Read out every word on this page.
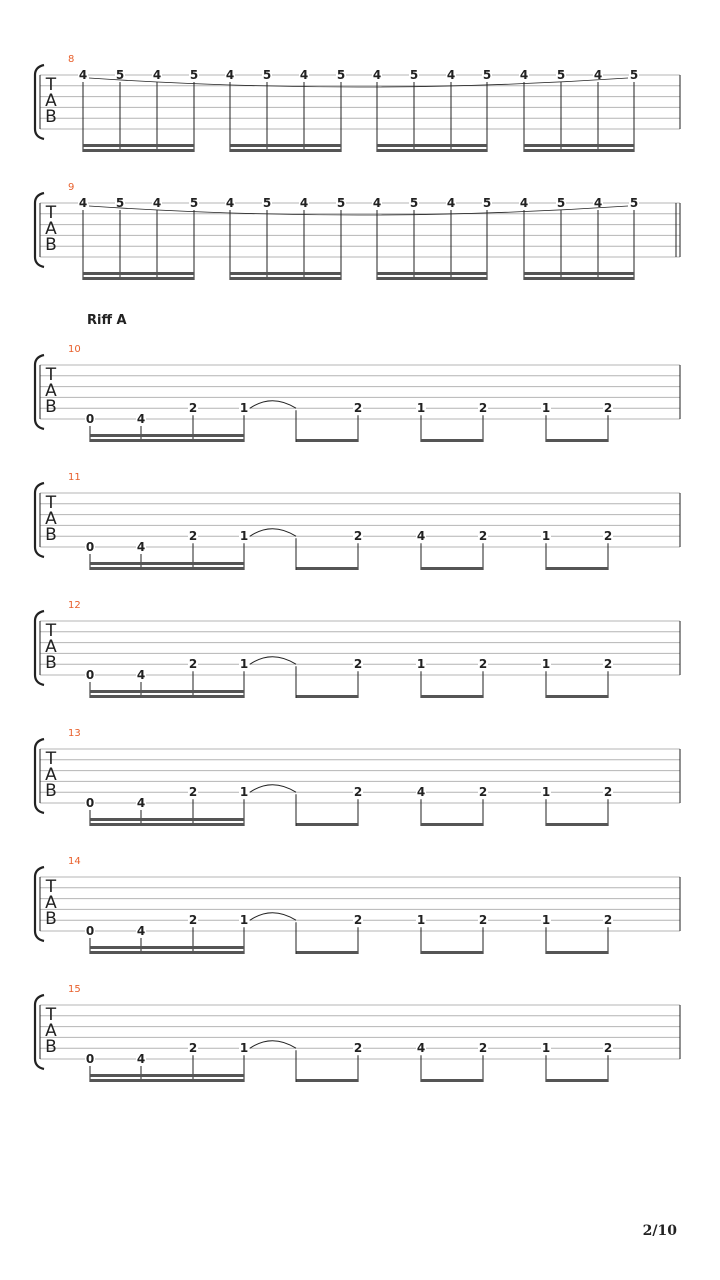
Riff A
2/10
T
A
B
8
4 5 4 5 4 5 4 5 4 5 4 5 4 5 4 5
T
A
B
9
4 5 4 5 4 5 4 5 4 5 4 5 4 5 4 5
T
A
B
10
0	4
2	1	2	1	2	1	2
T
A
B
11
0	4
2	1	2	4	2	1	2
T
A
B
12
0	4
2	1	2	1	2	1	2
T
A
B
13
0	4
2	1	2	4	2	1	2
T
A
B
14
0	4
2	1	2	1	2	1	2
T
A
B
15
0	4
2	1	2	4	2	1	2
